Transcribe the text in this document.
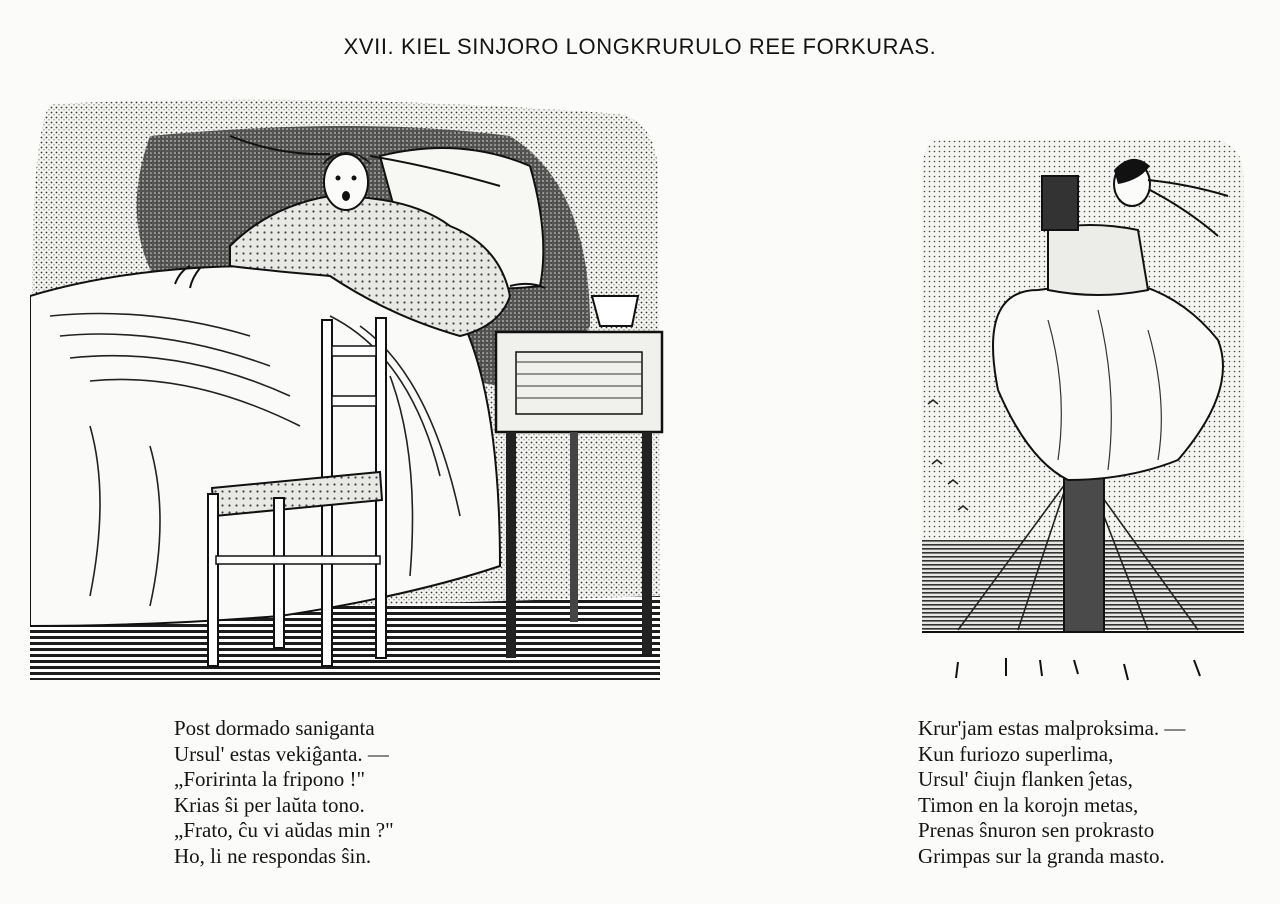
XVII. KIEL SINJORO LONGKRURULO REE FORKURAS.
Post dormado saniganta
Ursul' estas vekiĝanta. —
„Foririnta la fripono !"
Krias ŝi per laŭta tono.
„Frato, ĉu vi aŭdas min ?"
Ho, li ne respondas ŝin.
Krur'jam estas malproksima. —
Kun furiozo superlima,
Ursul' ĉiujn flanken ĵetas,
Timon en la korojn metas,
Prenas ŝnuron sen prokrasto
Grimpas sur la granda masto.
